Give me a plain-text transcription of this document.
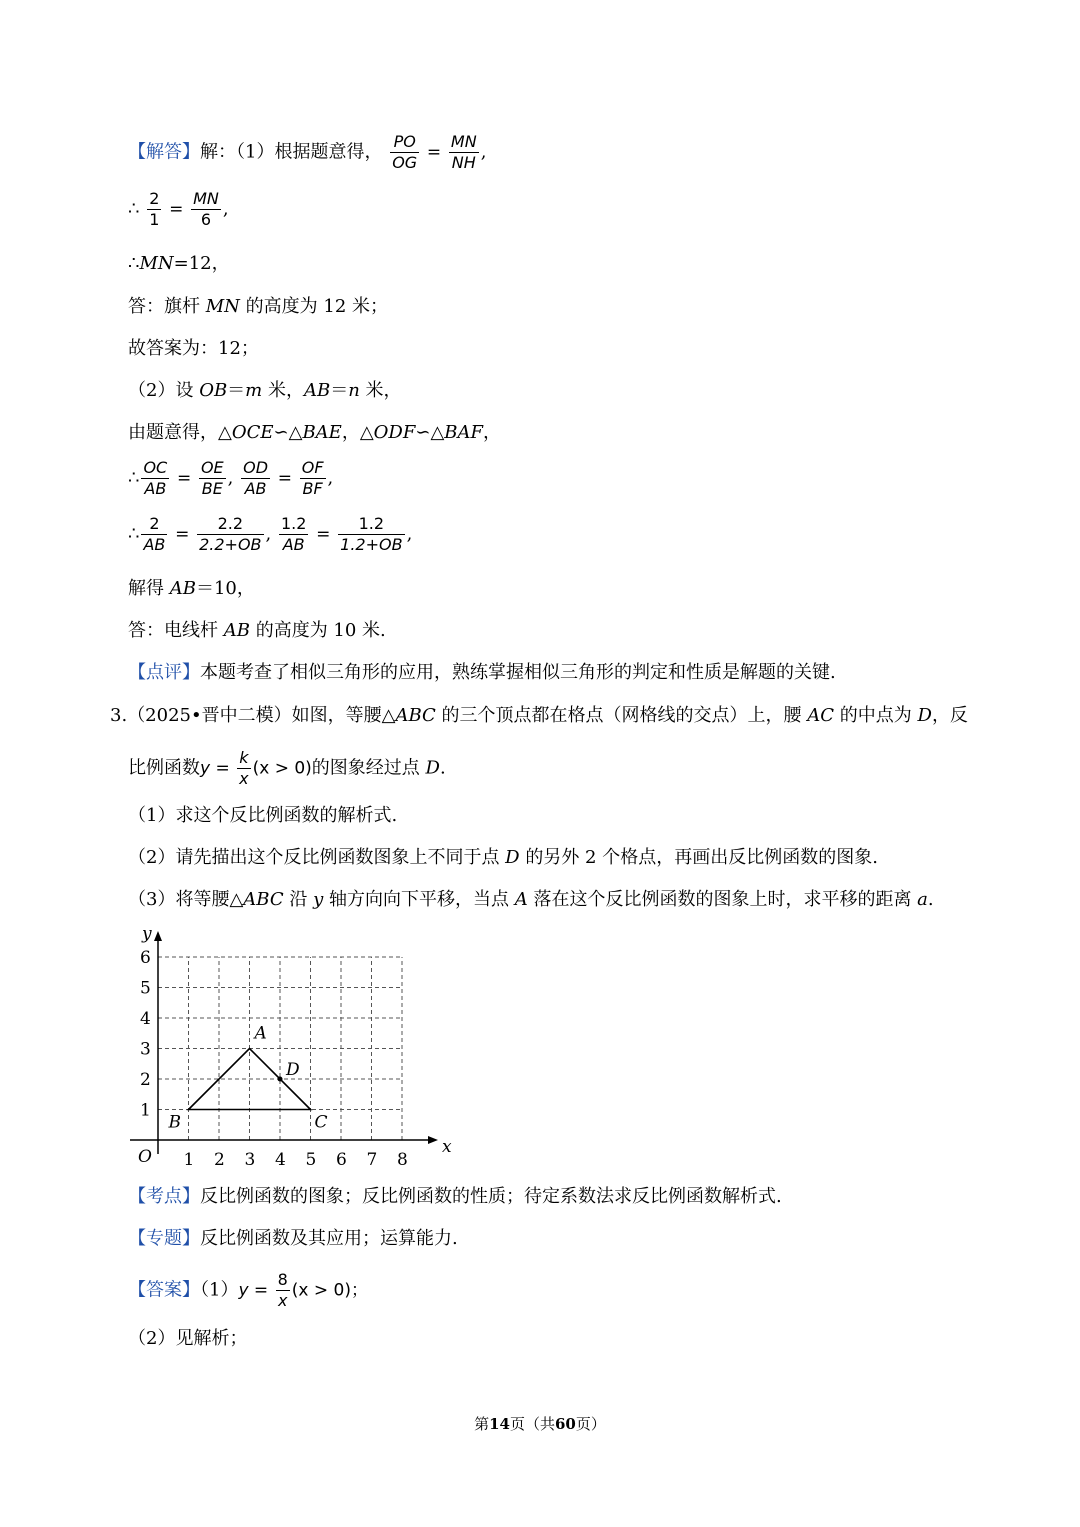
【解答】解：（1）根据题意得， $\frac{PO}{OG} = \frac{MN}{NH}$ ,
∴ $\frac{2}{1} = \frac{MN}{6}$ ,
∴MN=12，
答：旗杆 MN 的高度为 12 米；
故答案为：12；
（2）设 OB＝m 米，AB＝n 米，
由题意得，△OCE∽△BAE，△ODF∽△BAF，
∴ $\frac{OC}{AB} = \frac{OE}{BE}$ , $\frac{OD}{AB} = \frac{OF}{BF}$ ,
∴ $\frac{2}{AB} = \frac{2.2}{2.2+OB}$ , $\frac{1.2}{AB} = \frac{1.2}{1.2+OB}$ ,
解得 AB＝10，
答：电线杆 AB 的高度为 10 米.
【点评】本题考查了相似三角形的应用，熟练掌握相似三角形的判定和性质是解题的关键.
3.（2025•晋中二模）如图，等腰△ABC 的三个顶点都在格点（网格线的交点）上，腰 AC 的中点为 D，反
比例函数$y = \frac{k}{x} (x > 0)$的图象经过点 D.
（1）求这个反比例函数的解析式.
（2）请先描出这个反比例函数图象上不同于点 D 的另外 2 个格点，再画出反比例函数的图象.
（3）将等腰△ABC 沿 y 轴方向向下平移，当点 A 落在这个反比例函数的图象上时，求平移的距离 a.
x
y
O 1 2 3 4 5 6 7 8
1
2
3
4
5
6
A
B	C
D
【考点】反比例函数的图象；反比例函数的性质；待定系数法求反比例函数解析式.
【专题】反比例函数及其应用；运算能力.
【答案】$(1)y = \frac{8}{x} (x > 0)$；
（2）见解析；
第14页（共60页）
